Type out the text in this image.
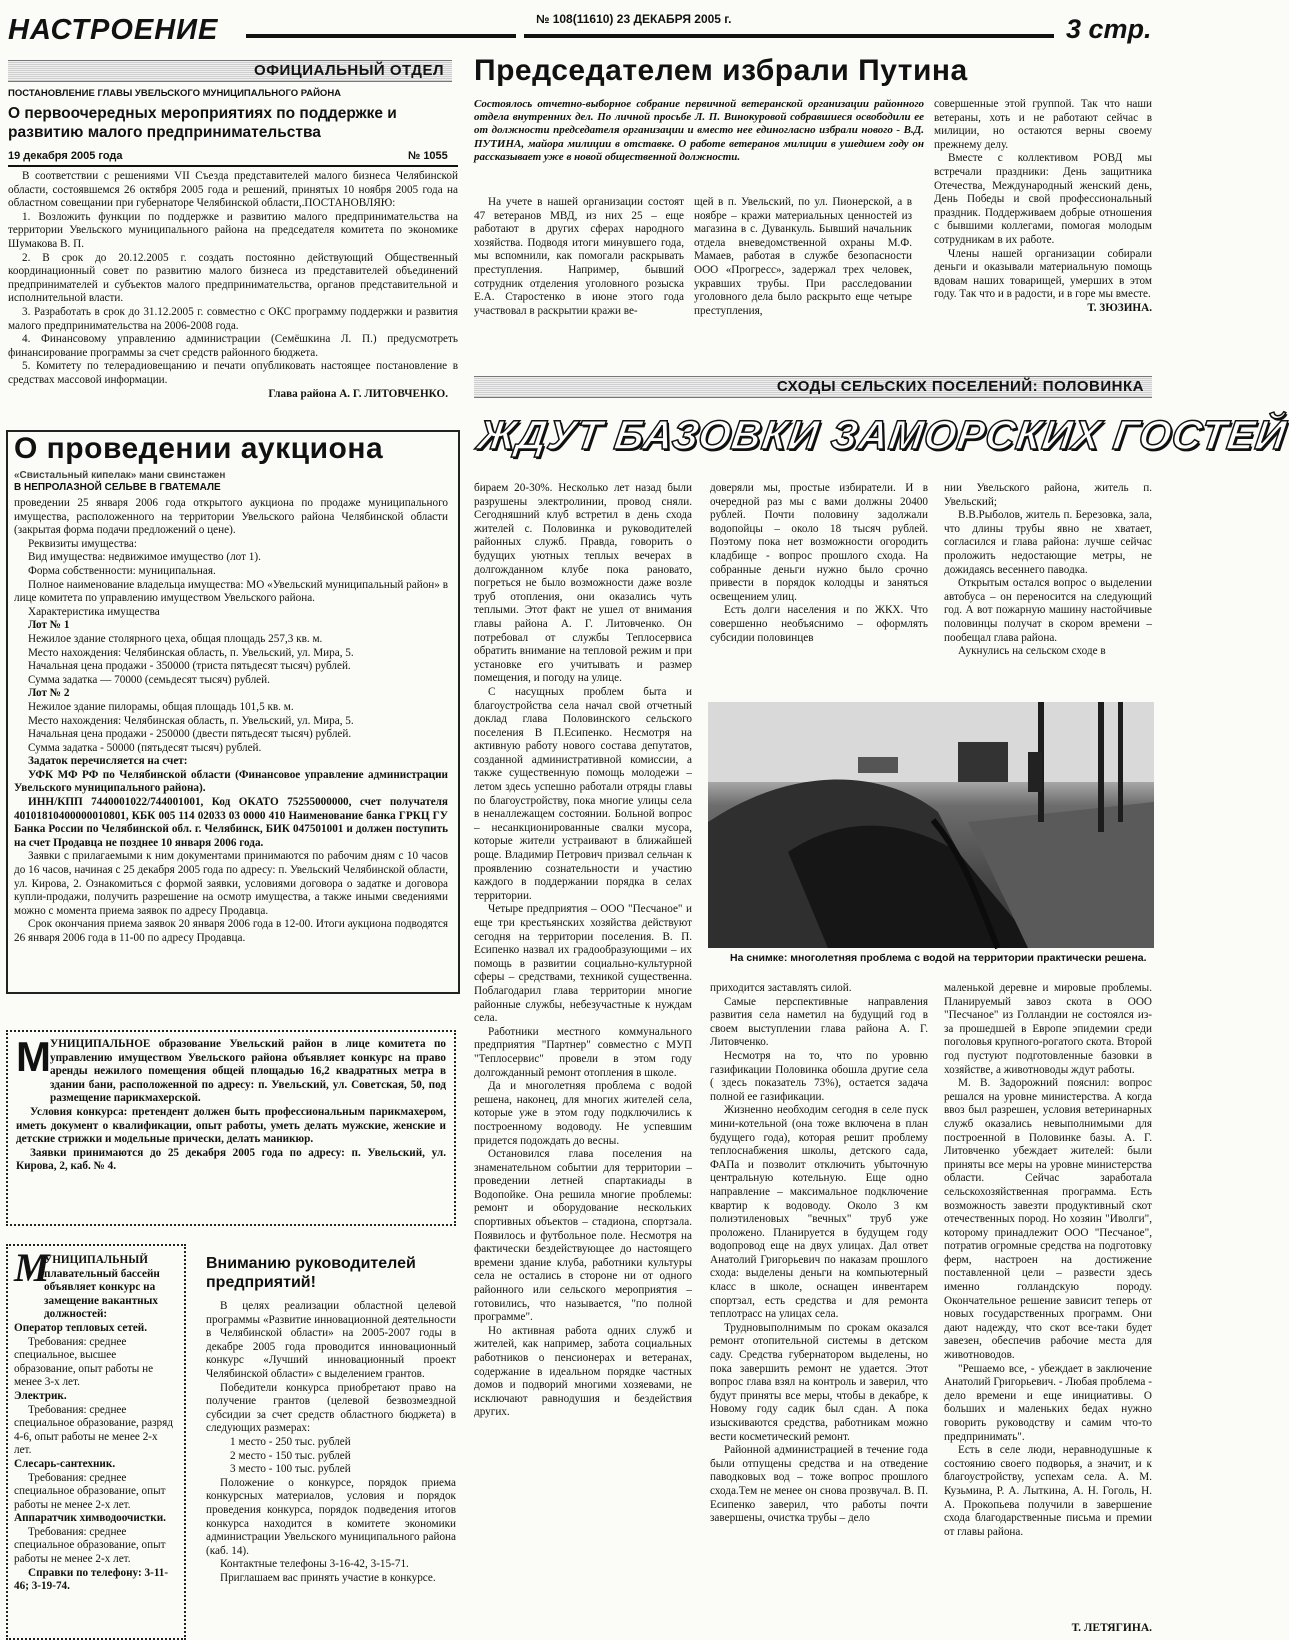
НАСТРОЕНИЕ	№ 108(11610) 23 ДЕКАБРЯ 2005 г.	3 стр.
ОФИЦИАЛЬНЫЙ ОТДЕЛ
ПОСТАНОВЛЕНИЕ ГЛАВЫ УВЕЛЬСКОГО МУНИЦИПАЛЬНОГО РАЙОНА
О первоочередных мероприятиях по поддержке и развитию малого предпринимательства
19 декабря 2005 года	№ 1055

В соответствии с решениями VII Съезда представителей малого бизнеса Челябинской области, состоявшемся 26 октября 2005 года и решений, принятых 10 ноября 2005 года на областном совещании при губернаторе Челябинской области,.ПОСТАНОВЛЯЮ:

1. Возложить функции по поддержке и развитию малого предпринимательства на территории Увельского муниципального района на председателя комитета по экономике Шумакова В. П.

2. В срок до 20.12.2005 г. создать постоянно действующий Общественный координационный совет по развитию малого бизнеса из представителей объединений предпринимателей и субъектов малого предпринимательства, органов представительной и исполнительной власти.

3. Разработать в срок до 31.12.2005 г. совместно с ОКС программу поддержки и развития малого предпринимательства на 2006-2008 года.

4. Финансовому управлению администрации (Семёшкина Л. П.) предусмотреть финансирование программы за счет средств районного бюджета.

5. Комитету по телерадиовещанию и печати опубликовать настоящее постановление в средствах массовой информации.

Глава района А. Г. ЛИТОВЧЕНКО.
О проведении аукциона
«Свистальный кипелак» мани свинстажен
В НЕПРОЛАЗНОЙ СЕЛЬВЕ В ГВАТЕМАЛЕ

проведении 25 января 2006 года открытого аукциона по продаже муниципального имущества, расположенного на территории Увельского района Челябинской области (закрытая форма подачи предложений о цене).

Реквизиты имущества:

Вид имущества: недвижимое имущество (лот 1).

Форма собственности: муниципальная.

Полное наименование владельца имущества: МО «Увельский муниципальный район» в лице комитета по управлению имуществом Увельского района.

Характеристика имущества

Лот № 1

Нежилое здание столярного цеха, общая площадь 257,3 кв. м.

Место нахождения: Челябинская область, п. Увельский, ул. Мира, 5.

Начальная цена продажи - 350000 (триста пятьдесят тысяч) рублей.

Сумма задатка — 70000 (семьдесят тысяч) рублей.

Лот № 2

Нежилое здание пилорамы, общая площадь 101,5 кв. м.

Место нахождения: Челябинская область, п. Увельский, ул. Мира, 5.

Начальная цена продажи - 250000 (двести пятьдесят тысяч) рублей.

Сумма задатка - 50000 (пятьдесят тысяч) рублей.

Задаток перечисляется на счет:

УФК МФ РФ по Челябинской области (Финансовое управление администрации Увельского муниципального района).

ИНН/КПП 7440001022/744001001, Код ОКАТО 75255000000, счет получателя 40101810400000010801, КБК 005 114 02033 03 0000 410 Наименование банка ГРКЦ ГУ Банка России по Челябинской обл. г. Челябинск, БИК 047501001 и должен поступить на счет Продавца не позднее 10 января 2006 года.

Заявки с прилагаемыми к ним документами принимаются по рабочим дням с 10 часов до 16 часов, начиная с 25 декабря 2005 года по адресу: п. Увельский Челябинской области, ул. Кирова, 2. Ознакомиться с формой заявки, условиями договора о задатке и договора купли-продажи, получить разрешение на осмотр имущества, а также иными сведениями можно с момента приема заявок по адресу Продавца.

Срок окончания приема заявок 20 января 2006 года в 12-00. Итоги аукциона подводятся 26 января 2006 года в 11-00 по адресу Продавца.

М УНИЦИПАЛЬНОЕ образование Увельский район в лице комитета по управлению имуществом Увельского района объявляет конкурс на право аренды нежилого помещения общей площадью 16,2 квадратных метра в здании бани, расположенной по адресу: п. Увельский, ул. Советская, 50, под размещение парикмахерской.

Условия конкурса: претендент должен быть профессиональным парикмахером, иметь документ о квалификации, опыт работы, уметь делать мужские, женские и детские стрижки и модельные прически, делать маникюр.

Заявки принимаются до 25 декабря 2005 года по адресу: п. Увельский, ул. Кирова, 2, каб. № 4.

М

УНИЦИПАЛЬНЫЙ плавательный бассейн объявляет конкурс на замещение вакантных должностей:

Оператор тепловых сетей.

Требования: среднее специальное, высшее образование, опыт работы не менее 3-х лет.

Электрик.

Требования: среднее специальное образование, разряд 4-6, опыт работы не менее 2-х лет.

Слесарь-сантехник.

Требования: среднее специальное образование, опыт работы не менее 2-х лет.

Аппаратчик химводоочистки.

Требования: среднее специальное образование, опыт работы не менее 2-х лет.

Справки по телефону: 3-11-46; 3-19-74.

Вниманию руководителей предприятий!

В целях реализации областной целевой программы «Развитие инновационной деятельности в Челябинской области» на 2005-2007 годы в декабре 2005 года проводится инновационный конкурс «Лучший инновационный проект Челябинской области» с выделением грантов.

Победители конкурса приобретают право на получение грантов (целевой безвозмездной субсидии за счет средств областного бюджета) в следующих размерах:

1 место - 250 тыс. рублей

2 место - 150 тыс. рублей

3 место - 100 тыс. рублей

Положение о конкурсе, порядок приема конкурсных материалов, условия и порядок проведения конкурса, порядок подведения итогов конкурса находится в комитете экономики администрации Увельского муниципального района (каб. 14).

Контактные телефоны 3-16-42, 3-15-71.

Приглашаем вас принять участие в конкурсе.

Председателем избрали Путина
Состоялось отчетно-выборное собрание первичной ветеранской организации районного отдела внутренних дел. По личной просьбе Л. П. Винокуровой собравшиеся освободили ее от должности председателя организации и вместо нее единогласно избрали нового - В.Д. ПУТИНА, майора милиции в отставке. О работе ветеранов милиции в ушедшем году он рассказывает уже в новой общественной должности.

На учете в нашей организации состоят 47 ветеранов МВД, из них 25 – еще работают в других сферах народного хозяйства. Подводя итоги минувшего года, мы вспомнили, как помогали раскрывать преступления. Например, бывший сотрудник отделения уголовного розыска Е.А. Старостенко в июне этого года участвовал в раскрытии кражи ве-

щей в п. Увельский, по ул. Пионерской, а в ноябре – кражи материальных ценностей из магазина в с. Дуванкуль. Бывший начальник отдела вневедомственной охраны М.Ф. Мамаев, работая в службе безопасности ООО «Прогресс», задержал трех человек, укравших трубы. При расследовании уголовного дела было раскрыто еще четыре преступления,

совершенные этой группой. Так что наши ветераны, хоть и не работают сейчас в милиции, но остаются верны своему прежнему делу.

Вместе с коллективом РОВД мы встречали праздники: День защитника Отечества, Международный женский день, День Победы и свой профессиональный праздник. Поддерживаем добрые отношения с бывшими коллегами, помогая молодым сотрудникам в их работе.

Члены нашей организации собирали деньги и оказывали материальную помощь вдовам наших товарищей, умерших в этом году. Так что и в радости, и в горе мы вместе.

Т. ЗЮЗИНА.
СХОДЫ СЕЛЬСКИХ ПОСЕЛЕНИЙ: ПОЛОВИНКА
ЖДУТ БАЗОВКИ ЗАМОРСКИХ ГОСТЕЙ

бираем 20-30%. Несколько лет назад были разрушены электролинии, провод сняли. Сегодняшний клуб встретил в день схода жителей с. Половинка и руководителей районных служб. Правда, говорить о будущих уютных теплых вечерах в долгожданном клубе пока рановато, погреться не было возможности даже возле труб отопления, они оказались чуть теплыми. Этот факт не ушел от внимания главы района А. Г. Литовченко. Он потребовал от службы Теплосервиса обратить внимание на тепловой режим и при установке его учитывать и размер помещения, и погоду на улице.

С насущных проблем быта и благоустройства села начал свой отчетный доклад глава Половинского сельского поселения В П.Есипенко. Несмотря на активную работу нового состава депутатов, созданной административной комиссии, а также существенную помощь молодежи – летом здесь успешно работали отряды главы по благоустройству, пока многие улицы села в неналлежащем состоянии. Больной вопрос – несанкционированные свалки мусора, которые жители устраивают в ближайшей роще. Владимир Петрович призвал сельчан к проявлению сознательности и участию каждого в поддержании порядка в селах территории.

Четыре предприятия – ООО "Песчаное" и еще три крестьянских хозяйства действуют сегодня на территории поселения. В. П. Есипенко назвал их градообразующими – их помощь в развитии социально-культурной сферы – средствами, техникой существенна. Поблагодарил глава территории многие районные службы, небезучастные к нуждам села.

Работники местного коммунального предприятия "Партнер" совместно с МУП "Теплосервис" провели в этом году долгожданный ремонт отопления в школе.

Да и многолетняя проблема с водой решена, наконец, для многих жителей села, которые уже в этом году подключились к построенному водоводу. Не успевшим придется подождать до весны.

Остановился глава поселения на знаменательном событии для территории – проведении летней спартакиады в Водопойке. Она решила многие проблемы: ремонт и оборудование нескольких спортивных объектов – стадиона, спортзала. Появилось и футбольное поле. Несмотря на фактически бездействующее до настоящего времени здание клуба, работники культуры села не остались в стороне ни от одного районного или сельского мероприятия – готовились, что называется, "по полной программе".

Но активная работа одних служб и жителей, как например, забота социальных работников о пенсионерах и ветеранах, содержание в идеальном порядке частных домов и подворий многими хозяевами, не исключают равнодушия и бездействия других.

доверяли мы, простые избиратели. И в очередной раз мы с вами должны 20400 рублей. Почти половину задолжали водопойцы – около 18 тысяч рублей. Поэтому пока нет возможности огородить кладбище - вопрос прошлого схода. На собранные деньги нужно было срочно привести в порядок колодцы и заняться освещением улиц.

Есть долги населения и по ЖКХ. Что совершенно необъяснимо – оформлять субсидии половинцев

нии Увельского района, житель п. Увельский;

В.В.Рыболов, житель п. Березовка, зала, что длины трубы явно не хватает, согласился и глава района: лучше сейчас проложить недостающие метры, не дожидаясь весеннего паводка.

Открытым остался вопрос о выделении автобуса – он переносится на следующий год. А вот пожарную машину настойчивые половинцы получат в скором времени – пообещал глава района.

Аукнулись на сельском сходе в

На снимке: многолетняя проблема с водой на территории практически решена.

приходится заставлять силой.

Самые перспективные направления развития села наметил на будущий год в своем выступлении глава района А. Г. Литовченко.

Несмотря на то, что по уровню газификации Половинка обошла другие села ( здесь показатель 73%), остается задача полной ее газификации.

Жизненно необходим сегодня в селе пуск мини-котельной (она тоже включена в план будущего года), которая решит проблему теплоснабжения школы, детского сада, ФАПа и позволит отключить убыточную центральную котельную. Еще одно направление – максимальное подключение квартир к водоводу. Около 3 км полиэтиленовых "вечных" труб уже проложено. Планируется в будущем году водопровод еще на двух улицах. Дал ответ Анатолий Григорьевич по наказам прошлого схода: выделены деньги на компьютерный класс в школе, оснащен инвентарем спортзал, есть средства и для ремонта теплотрасс на улицах села.

Трудновыполнимым по срокам оказался ремонт отопительной системы в детском саду. Средства губернатором выделены, но пока завершить ремонт не удается. Этот вопрос глава взял на контроль и заверил, что будут приняты все меры, чтобы в декабре, к Новому году садик был сдан. А пока изыскиваются средства, работникам можно вести косметический ремонт.

Районной администрацией в течение года были отпущены средства и на отведение паводковых вод – тоже вопрос прошлого схода.Тем не менее он снова прозвучал. В. П. Есипенко заверил, что работы почти завершены, очистка трубы – дело

маленькой деревне и мировые проблемы. Планируемый завоз скота в ООО "Песчаное" из Голландии не состоялся из-за прошедшей в Европе эпидемии среди поголовья крупного-рогатого скота. Второй год пустуют подготовленные базовки в хозяйстве, а животноводы ждут работы.

М. В. Задорожний пояснил: вопрос решался на уровне министерства. А когда ввоз был разрешен, условия ветеринарных служб оказались невыполнимыми для построенной в Половинке базы. А. Г. Литовченко убеждает жителей: были приняты все меры на уровне министерства области. Сейчас заработала сельскохозяйственная программа. Есть возможность завезти продуктивный скот отечественных пород. Но хозяин "Иволги", которому принадлежит ООО "Песчаное", потратив огромные средства на подготовку ферм, настроен на достижение поставленной цели – развести здесь именно голландскую породу. Окончательное решение зависит теперь от новых государственных программ. Они дают надежду, что скот все-таки будет завезен, обеспечив рабочие места для животноводов.

"Решаемо все, - убеждает в заключение Анатолий Григорьевич. - Любая проблема - дело времени и еще инициативы. О больших и маленьких бедах нужно говорить руководству и самим что-то предпринимать".

Есть в селе люди, неравнодушные к состоянию своего подворья, а значит, и к благоустройству, успехам села. А. М. Кузьмина, Р. А. Лыткина, А. Н. Гоголь, Н. А. Прокопьева получили в завершение схода благодарственные письма и премии от главы района.

Т. ЛЕТЯГИНА.
